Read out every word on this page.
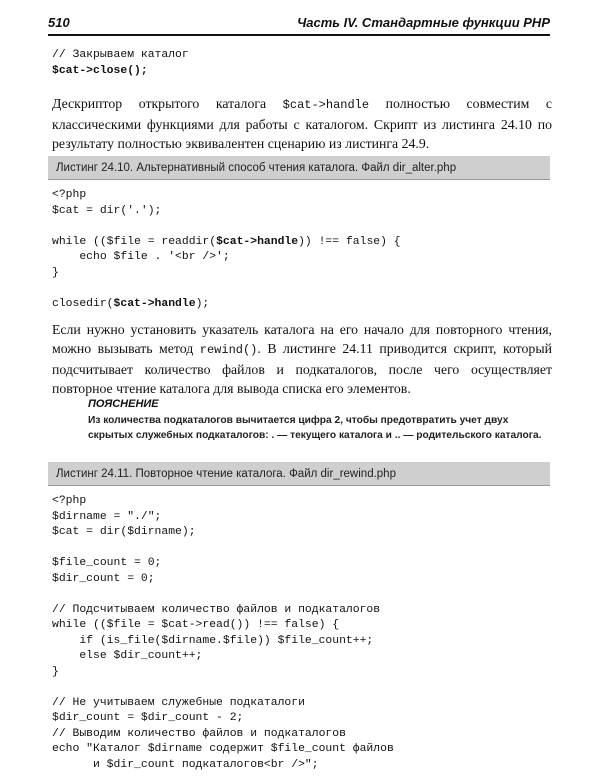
510	Часть IV. Стандартные функции PHP
// Закрываем каталог
$cat->close();

Дескриптор открытого каталога $cat->handle полностью совместим с классическими функциями для работы с каталогом. Скрипт из листинга 24.10 по результату полностью эквивалентен сценарию из листинга 24.9.

Листинг 24.10. Альтернативный способ чтения каталога. Файл dir_alter.php
<?php
$cat = dir('.');
while (($file = readdir($cat->handle)) !== false) {
echo $file . '<br />';
}
closedir($cat->handle);

Если нужно установить указатель каталога на его начало для повторного чтения, можно вызывать метод rewind(). В листинге 24.11 приводится скрипт, который подсчитывает количество файлов и подкаталогов, после чего осуществляет повторное чтение каталога для вывода списка его элементов.

ПОЯСНЕНИЕ
Из количества подкаталогов вычитается цифра 2, чтобы предотвратить учет двух скрытых служебных подкаталогов: . — текущего каталога и .. — родительского каталога.
Листинг 24.11. Повторное чтение каталога. Файл dir_rewind.php
<?php
$dirname = "./";
$cat = dir($dirname);
$file_count = 0;
$dir_count = 0;
// Подсчитываем количество файлов и подкаталогов
while (($file = $cat->read()) !== false) {
if (is_file($dirname.$file)) $file_count++;
else $dir_count++;
}
// Не учитываем служебные подкаталоги
$dir_count = $dir_count - 2;
// Выводим количество файлов и подкаталогов
echo "Каталог $dirname содержит $file_count файлов
и $dir_count подкаталогов<br />";
